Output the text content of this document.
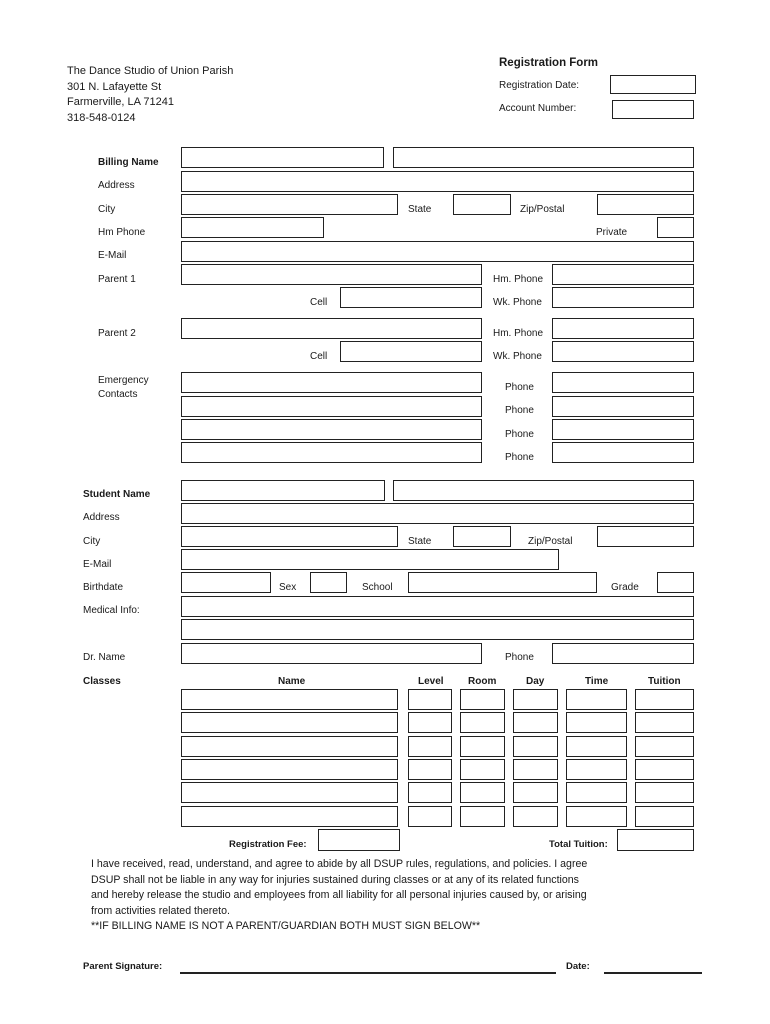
The Dance Studio of Union Parish
301 N. Lafayette St
Farmerville, LA 71241
318-548-0124
Registration Form
Registration Date:
Account Number:
Billing Name
Address
City	State	Zip/Postal
Hm Phone	Private
E-Mail
Parent 1	Hm. Phone
Cell	Wk. Phone
Parent 2	Hm. Phone
Cell	Wk. Phone
Emergency
Contacts
Phone
Phone
Phone
Phone
Student Name
Address
City	State	Zip/Postal
E-Mail
Birthdate	Sex	School	Grade
Medical Info:
Dr. Name	Phone
Classes	Name	Level Room	Day	Time	Tuition
Registration Fee:	Total Tuition:
I have received, read, understand, and agree to abide by all DSUP rules, regulations, and policies. I agree
DSUP shall not be liable in any way for injuries sustained during classes or at any of its related functions
and hereby release the studio and employees from all liability for all personal injuries caused by, or arising
from activities related thereto.
**IF BILLING NAME IS NOT A PARENT/GUARDIAN BOTH MUST SIGN BELOW**
Parent Signature:	Date:
